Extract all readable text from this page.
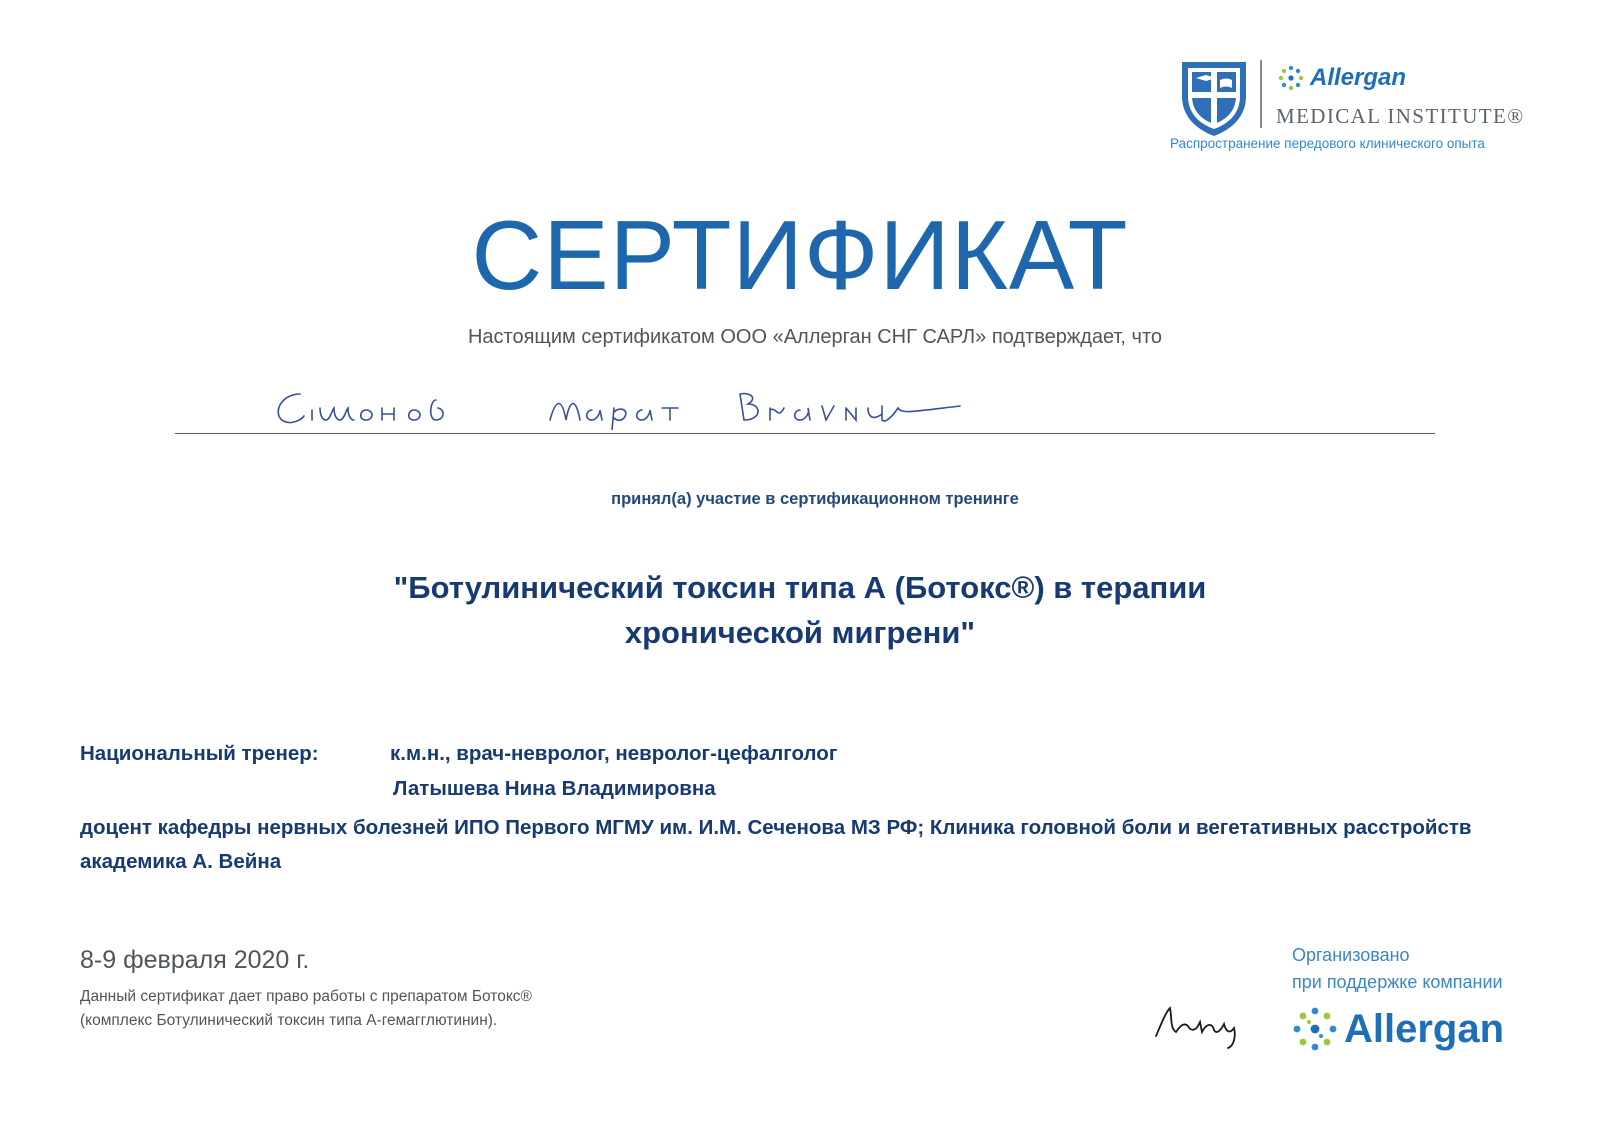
Allergan
MEDICAL INSTITUTE®
Распространение передового клинического опыта
СЕРТИФИКАТ
Настоящим сертификатом ООО «Аллерган СНГ САРЛ» подтверждает, что
принял(а) участие в сертификационном тренинге
"Ботулинический токсин типа А (Ботокс®) в терапии
хронической мигрени"
Национальный тренер:	к.м.н., врач-невролог, невролог-цефалголог
Латышева Нина Владимировна
доцент кафедры нервных болезней ИПО Первого МГМУ им. И.М. Сеченова МЗ РФ; Клиника головной боли и вегетативных расстройств академика А. Вейна
8-9 февраля 2020 г.
Данный сертификат дает право работы с препаратом Ботокс®
(комплекс Ботулинический токсин типа А-гемагглютинин).
Организовано
при поддержке компании
Allergan
